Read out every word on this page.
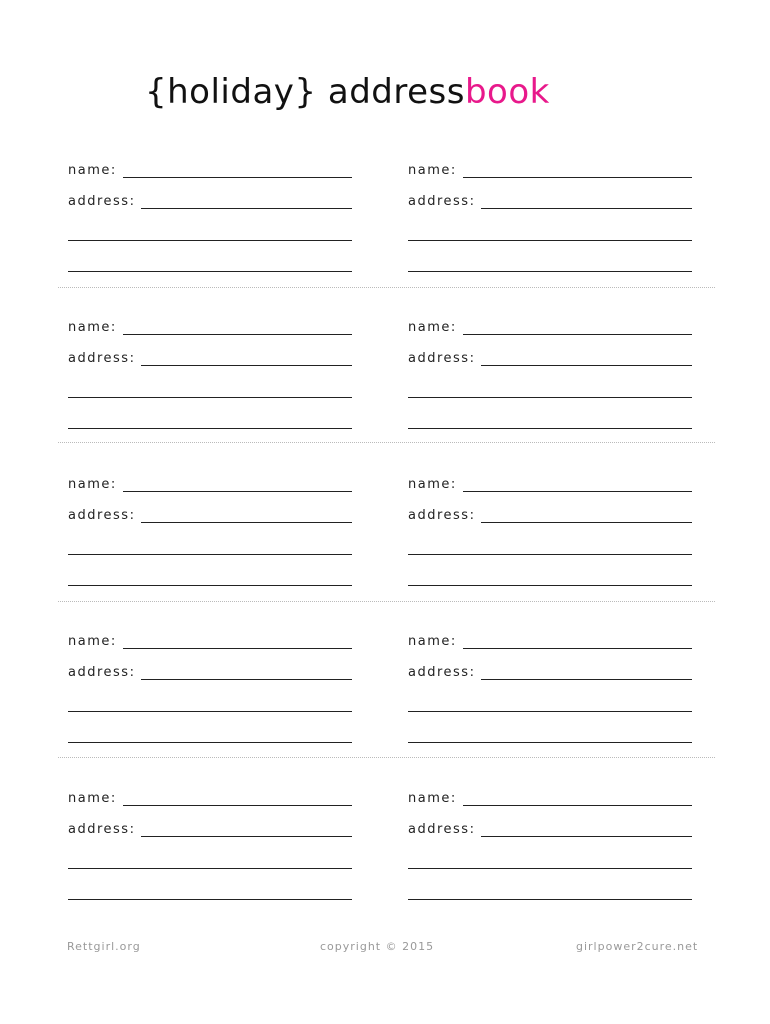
{holiday} addressbook
name:
address:
name:
address:
name:
address:
name:
address:
name:
address:
name:
address:
name:
address:
name:
address:
name:
address:
name:
address:
Rettgirl.org	copyright © 2015	girlpower2cure.net
